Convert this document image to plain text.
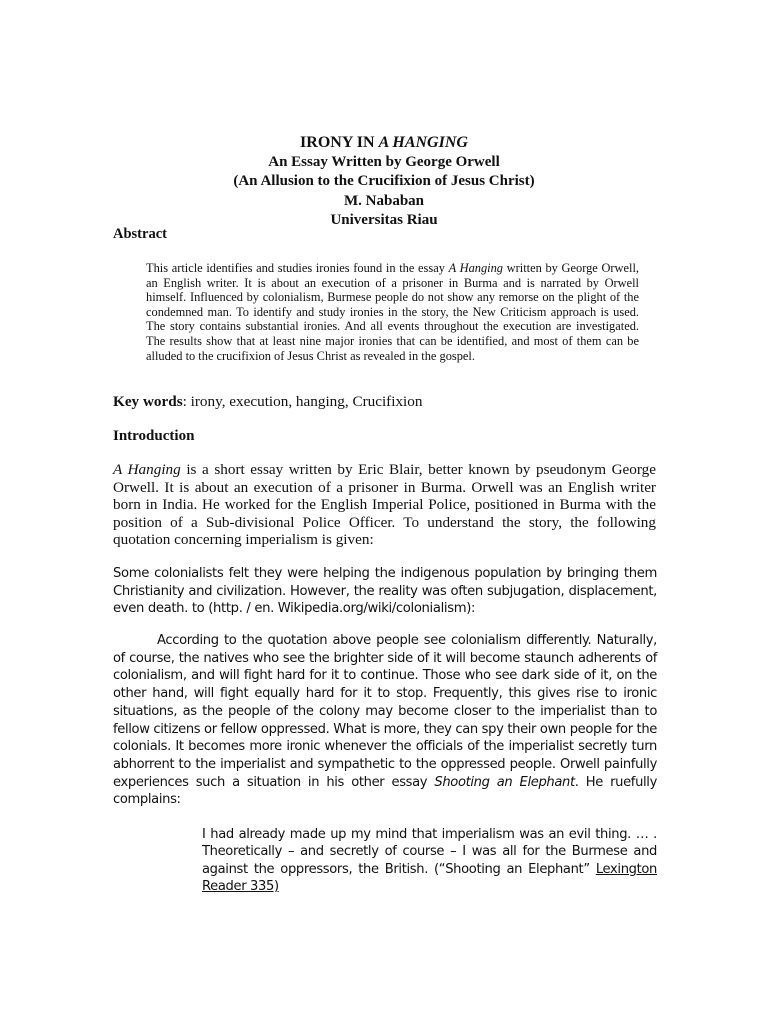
IRONY IN A HANGING
An Essay Written by George Orwell
(An Allusion to the Crucifixion of Jesus Christ)
M. Nababan
Universitas Riau
Abstract
This article identifies and studies ironies found in the essay A Hanging written by George Orwell, an English writer. It is about an execution of a prisoner in Burma and is narrated by Orwell himself. Influenced by colonialism, Burmese people do not show any remorse on the plight of the condemned man. To identify and study ironies in the story, the New Criticism approach is used. The story contains substantial ironies. And all events throughout the execution are investigated. The results show that at least nine major ironies that can be identified, and most of them can be alluded to the crucifixion of Jesus Christ as revealed in the gospel.
Key words: irony, execution, hanging, Crucifixion
Introduction
A Hanging is a short essay written by Eric Blair, better known by pseudonym George Orwell. It is about an execution of a prisoner in Burma. Orwell was an English writer born in India. He worked for the English Imperial Police, positioned in Burma with the position of a Sub-divisional Police Officer. To understand the story, the following quotation concerning imperialism is given:
Some colonialists felt they were helping the indigenous population by bringing them Christianity and civilization. However, the reality was often subjugation, displacement, even death. to (http. / en. Wikipedia.org/wiki/colonialism):
According to the quotation above people see colonialism differently. Naturally, of course, the natives who see the brighter side of it will become staunch adherents of colonialism, and will fight hard for it to continue. Those who see dark side of it, on the other hand, will fight equally hard for it to stop. Frequently, this gives rise to ironic situations, as the people of the colony may become closer to the imperialist than to fellow citizens or fellow oppressed. What is more, they can spy their own people for the colonials. It becomes more ironic whenever the officials of the imperialist secretly turn abhorrent to the imperialist and sympathetic to the oppressed people. Orwell painfully experiences such a situation in his other essay Shooting an Elephant. He ruefully complains:
I had already made up my mind that imperialism was an evil thing. … . Theoretically – and secretly of course – I was all for the Burmese and against the oppressors, the British. (“Shooting an Elephant” Lexington Reader 335)
